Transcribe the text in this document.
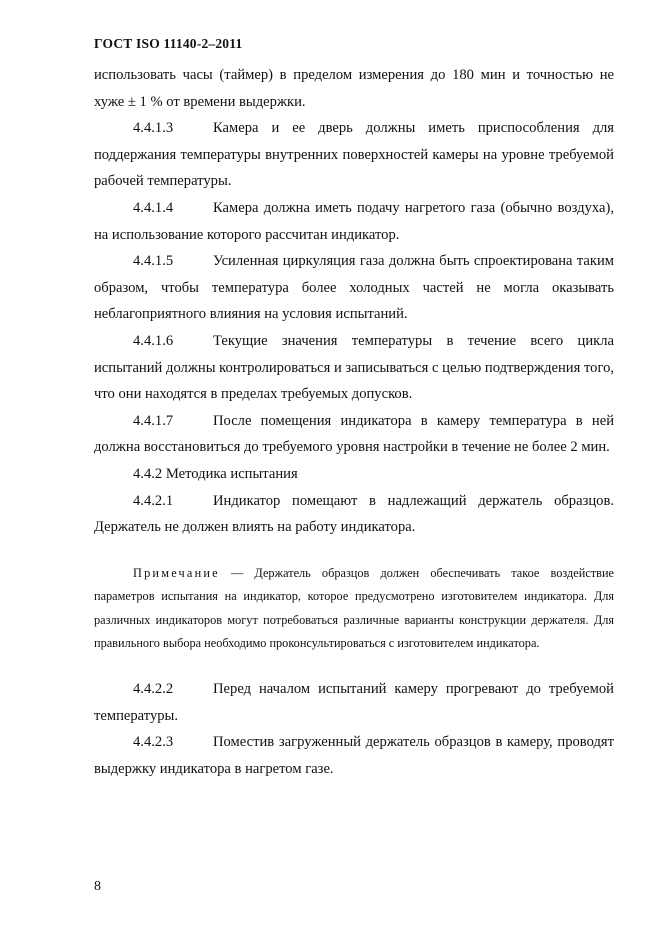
ГОСТ ISO 11140-2–2011

использовать часы (таймер) в пределом измерения до 180 мин и точностью не хуже ± 1 % от времени выдержки.

4.4.1.3	Камера и ее дверь должны иметь приспособления для поддержания температуры внутренних поверхностей камеры на уровне требуемой рабочей температуры.

4.4.1.4	Камера должна иметь подачу нагретого газа (обычно воздуха), на использование которого рассчитан индикатор.

4.4.1.5	Усиленная циркуляция газа должна быть спроектирована таким образом, чтобы температура более холодных частей не могла оказывать неблагоприятного влияния на условия испытаний.

4.4.1.6	Текущие значения температуры в течение всего цикла испытаний должны контролироваться и записываться с целью подтверждения того, что они находятся в пределах требуемых допусков.

4.4.1.7	После помещения индикатора в камеру температура в ней должна восстановиться до требуемого уровня настройки в течение не более 2 мин.

4.4.2 Методика испытания

4.4.2.1	Индикатор помещают в надлежащий держатель образцов. Держатель не должен влиять на работу индикатора.

Примечание — Держатель образцов должен обеспечивать такое воздействие параметров испытания на индикатор, которое предусмотрено изготовителем индикатора. Для различных индикаторов могут потребоваться различные варианты конструкции держателя. Для правильного выбора необходимо проконсультироваться с изготовителем индикатора.

4.4.2.2	Перед началом испытаний камеру прогревают до требуемой температуры.

4.4.2.3	Поместив загруженный держатель образцов в камеру, проводят выдержку индикатора в нагретом газе.

8
